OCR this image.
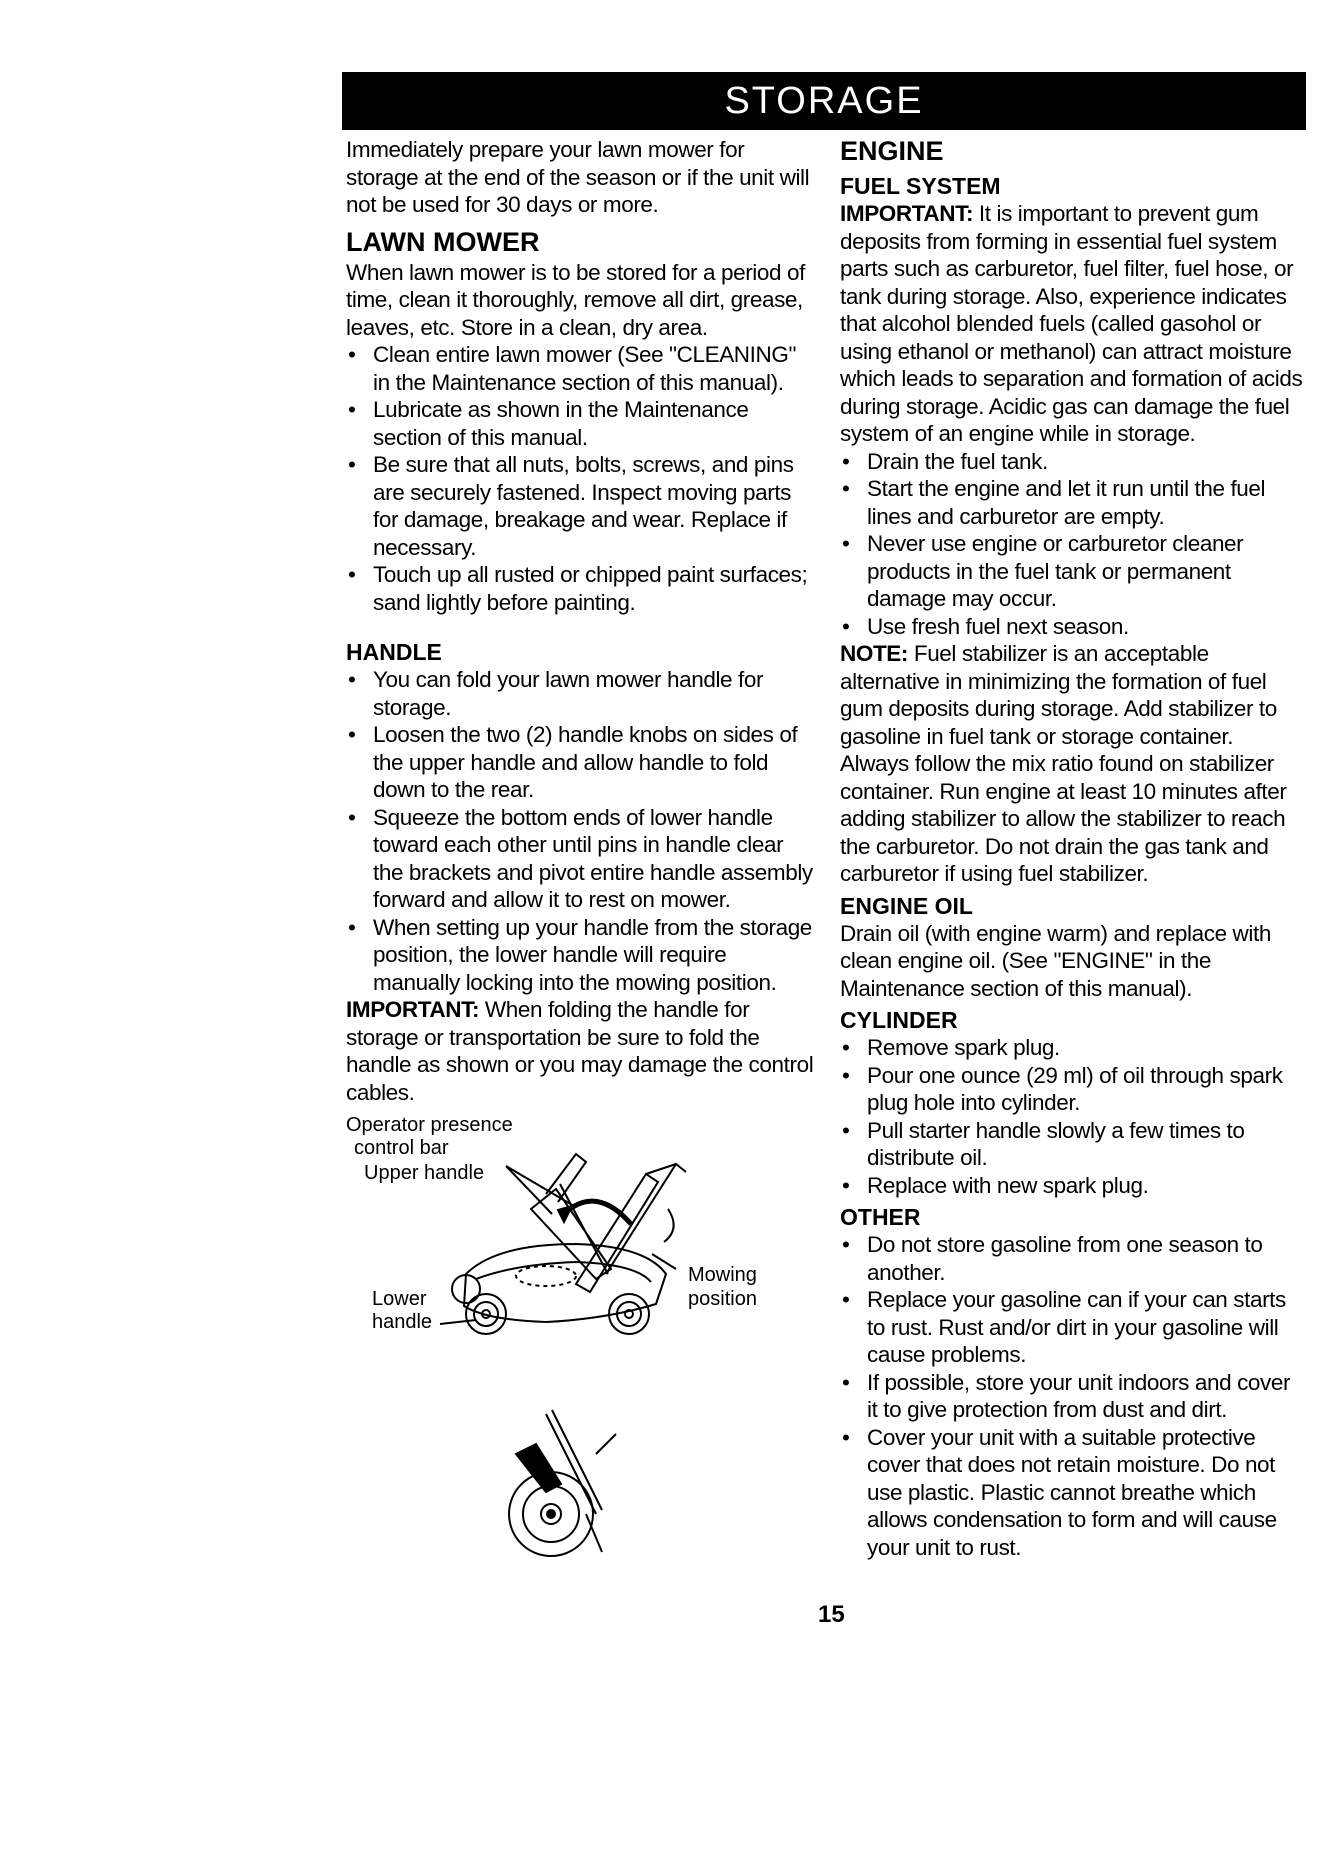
STORAGE

Immediately prepare your lawn mower for storage at the end of the season or if the unit will not be used for 30 days or more.

LAWN MOWER

When lawn mower is to be stored for a period of time, clean it thoroughly, remove all dirt, grease, leaves, etc. Store in a clean, dry area.

• Clean entire lawn mower (See "CLEANING" in the Maintenance section of this manual).
• Lubricate as shown in the Maintenance section of this manual.
• Be sure that all nuts, bolts, screws, and pins are securely fastened. Inspect moving parts for damage, breakage and wear. Replace if necessary.
• Touch up all rusted or chipped paint surfaces; sand lightly before painting.
HANDLE
• You can fold your lawn mower handle for storage.
• Loosen the two (2) handle knobs on sides of the upper handle and allow handle to fold down to the rear.
• Squeeze the bottom ends of lower handle toward each other until pins in handle clear the brackets and pivot entire handle assembly forward and allow it to rest on mower.
• When setting up your handle from the storage position, the lower handle will require manually locking into the mowing position.

IMPORTANT: When folding the handle for storage or transportation be sure to fold the handle as shown or you may damage the control cables.

Operator presence
control bar
Upper handle
Lower
handle
Mowing
position
ENGINE
FUEL SYSTEM

IMPORTANT: It is important to prevent gum deposits from forming in essential fuel system parts such as carburetor, fuel filter, fuel hose, or tank during storage. Also, experience indicates that alcohol blended fuels (called gasohol or using ethanol or methanol) can attract moisture which leads to separation and formation of acids during storage. Acidic gas can damage the fuel system of an engine while in storage.

• Drain the fuel tank.
• Start the engine and let it run until the fuel lines and carburetor are empty.
• Never use engine or carburetor cleaner products in the fuel tank or permanent damage may occur.
• Use fresh fuel next season.

NOTE: Fuel stabilizer is an acceptable alternative in minimizing the formation of fuel gum deposits during storage. Add stabilizer to gasoline in fuel tank or storage container. Always follow the mix ratio found on stabilizer container. Run engine at least 10 minutes after adding stabilizer to allow the stabilizer to reach the carburetor. Do not drain the gas tank and carburetor if using fuel stabilizer.

ENGINE OIL

Drain oil (with engine warm) and replace with clean engine oil. (See "ENGINE" in the Maintenance section of this manual).

CYLINDER
• Remove spark plug.
• Pour one ounce (29 ml) of oil through spark plug hole into cylinder.
• Pull starter handle slowly a few times to distribute oil.
• Replace with new spark plug.
OTHER
• Do not store gasoline from one season to another.
• Replace your gasoline can if your can starts to rust. Rust and/or dirt in your gasoline will cause problems.
• If possible, store your unit indoors and cover it to give protection from dust and dirt.
• Cover your unit with a suitable protective cover that does not retain moisture. Do not use plastic. Plastic cannot breathe which allows condensation to form and will cause your unit to rust.
15
